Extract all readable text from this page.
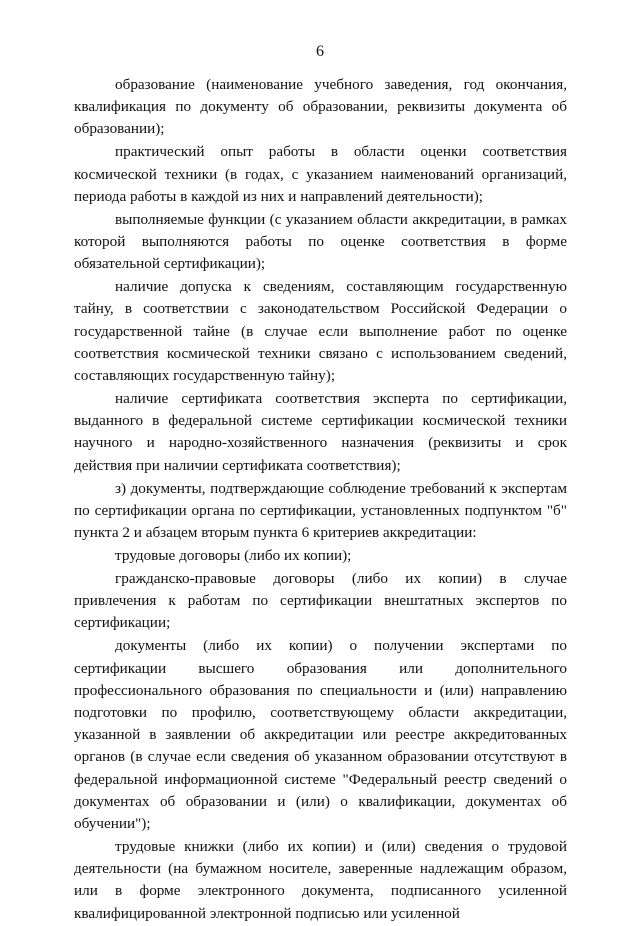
6

образование (наименование учебного заведения, год окончания, квалификация по документу об образовании, реквизиты документа об образовании);

практический опыт работы в области оценки соответствия космической техники (в годах, с указанием наименований организаций, периода работы в каждой из них и направлений деятельности);

выполняемые функции (с указанием области аккредитации, в рамках которой выполняются работы по оценке соответствия в форме обязательной сертификации);

наличие допуска к сведениям, составляющим государственную тайну, в соответствии с законодательством Российской Федерации о государственной тайне (в случае если выполнение работ по оценке соответствия космической техники связано с использованием сведений, составляющих государственную тайну);

наличие сертификата соответствия эксперта по сертификации, выданного в федеральной системе сертификации космической техники научного и народно-хозяйственного назначения (реквизиты и срок действия при наличии сертификата соответствия);

з) документы, подтверждающие соблюдение требований к экспертам по сертификации органа по сертификации, установленных подпунктом "б" пункта 2 и абзацем вторым пункта 6 критериев аккредитации:

трудовые договоры (либо их копии);

гражданско-правовые договоры (либо их копии) в случае привлечения к работам по сертификации внештатных экспертов по сертификации;

документы (либо их копии) о получении экспертами по сертификации высшего образования или дополнительного профессионального образования по специальности и (или) направлению подготовки по профилю, соответствующему области аккредитации, указанной в заявлении об аккредитации или реестре аккредитованных органов (в случае если сведения об указанном образовании отсутствуют в федеральной информационной системе "Федеральный реестр сведений о документах об образовании и (или) о квалификации, документах об обучении");

трудовые книжки (либо их копии) и (или) сведения о трудовой деятельности (на бумажном носителе, заверенные надлежащим образом, или в форме электронного документа, подписанного усиленной квалифицированной электронной подписью или усиленной
